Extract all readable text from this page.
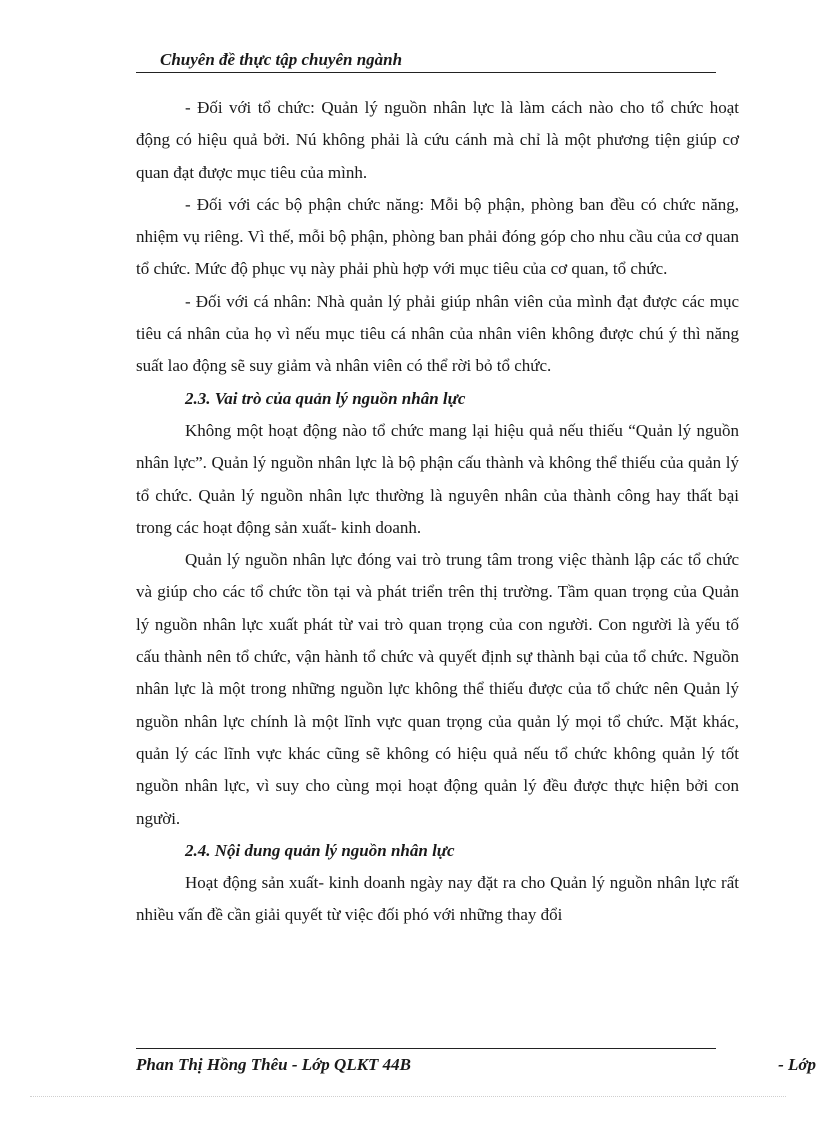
Chuyên đề thực tập chuyên ngành

- Đối với tổ chức: Quản lý nguồn nhân lực là làm cách nào cho tổ chức hoạt động có hiệu quả bởi. Nú không phải là cứu cánh mà chỉ là một phương tiện giúp cơ quan đạt được mục tiêu của mình.

- Đối với các bộ phận chức năng: Mỗi bộ phận, phòng ban đều có chức năng, nhiệm vụ riêng. Vì thế, mỗi bộ phận, phòng ban phải đóng góp cho nhu cầu của cơ quan tổ chức. Mức độ phục vụ này phải phù hợp với mục tiêu của cơ quan, tổ chức.

- Đối với cá nhân: Nhà quản lý phải giúp nhân viên của mình đạt được các mục tiêu cá nhân của họ vì nếu mục tiêu cá nhân của nhân viên không được chú ý thì năng suất lao động sẽ suy giảm và nhân viên có thể rời bỏ tổ chức.

2.3. Vai trò của quản lý nguồn nhân lực

Không một hoạt động nào tổ chức mang lại hiệu quả nếu thiếu “Quản lý nguồn nhân lực”. Quản lý nguồn nhân lực là bộ phận cấu thành và không thể thiếu của quản lý tổ chức. Quản lý nguồn nhân lực thường là nguyên nhân của thành công hay thất bại trong các hoạt động sản xuất- kinh doanh.

Quản lý nguồn nhân lực đóng vai trò trung tâm trong việc thành lập các tổ chức và giúp cho các tổ chức tồn tại và phát triển trên thị trường. Tầm quan trọng của Quản lý nguồn nhân lực xuất phát từ vai trò quan trọng của con người. Con người là yếu tố cấu thành nên tổ chức, vận hành tổ chức và quyết định sự thành bại của tổ chức. Nguồn nhân lực là một trong những nguồn lực không thể thiếu được của tổ chức nên Quản lý nguồn nhân lực chính là một lĩnh vực quan trọng của quản lý mọi tổ chức. Mặt khác, quản lý các lĩnh vực khác cũng sẽ không có hiệu quả nếu tổ chức không quản lý tốt nguồn nhân lực, vì suy cho cùng mọi hoạt động quản lý đều được thực hiện bởi con người.

2.4. Nội dung quản lý nguồn nhân lực

Hoạt động sản xuất- kinh doanh ngày nay đặt ra cho Quản lý nguồn nhân lực rất nhiều vấn đề cần giải quyết từ việc đối phó với những thay đổi

Phan Thị Hồng Thêu - Lớp QLKT 44B	- Lớp
